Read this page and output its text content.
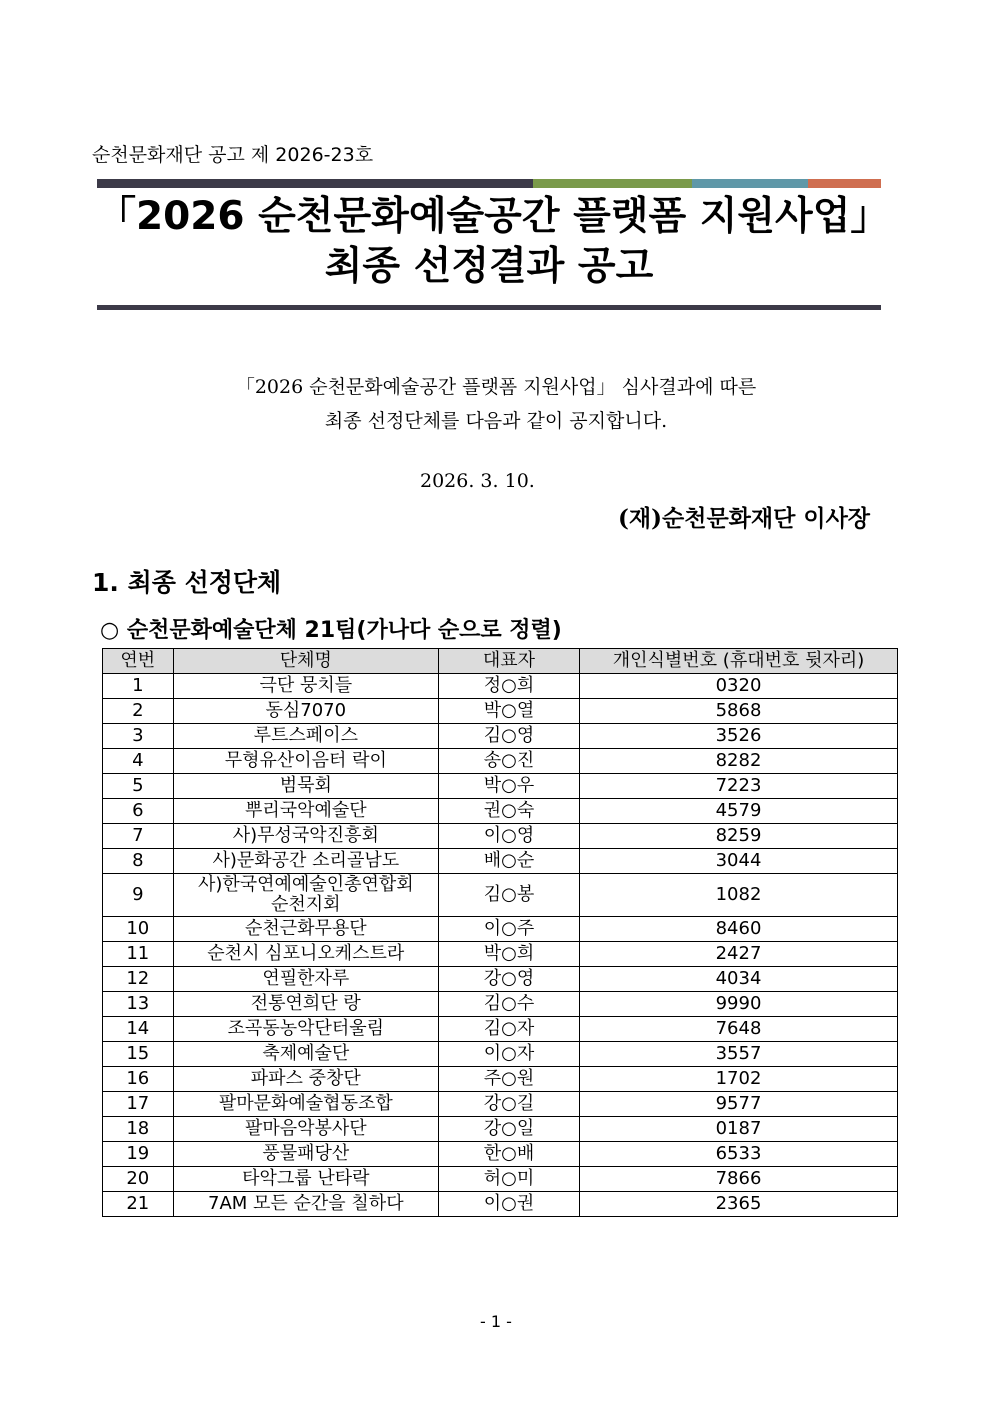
순천문화재단 공고 제 2026-23호
「2026 순천문화예술공간 플랫폼 지원사업」
최종 선정결과 공고
「2026 순천문화예술공간 플랫폼 지원사업」 심사결과에 따른
최종 선정단체를 다음과 같이 공지합니다.
2026. 3. 10.
(재)순천문화재단 이사장
1. 최종 선정단체
○ 순천문화예술단체 21팀(가나다 순으로 정렬)
연번	단체명	대표자	개인식별번호 (휴대번호 뒷자리)
1	극단 뭉치들	정○희	0320
2	동심7070	박○열	5868
3	루트스페이스	김○영	3526
4	무형유산이음터 락이	송○진	8282
5	범묵회	박○우	7223
6	뿌리국악예술단	권○숙	4579
7	사)무성국악진흥회	이○영	8259
8	사)문화공간 소리골남도	배○순	3044
9	사)한국연예예술인총연합회
순천지회	김○봉	1082
10	순천근화무용단	이○주	8460
11	순천시 심포니오케스트라	박○희	2427
12	연필한자루	강○영	4034
13	전통연희단 랑	김○수	9990
14	조곡동농악단터울림	김○자	7648
15	축제예술단	이○자	3557
16	파파스 중창단	주○원	1702
17	팔마문화예술협동조합	강○길	9577
18	팔마음악봉사단	강○일	0187
19	풍물패당산	한○배	6533
20	타악그룹 난타락	허○미	7866
21	7AM 모든 순간을 칠하다	이○권	2365
- 1 -
